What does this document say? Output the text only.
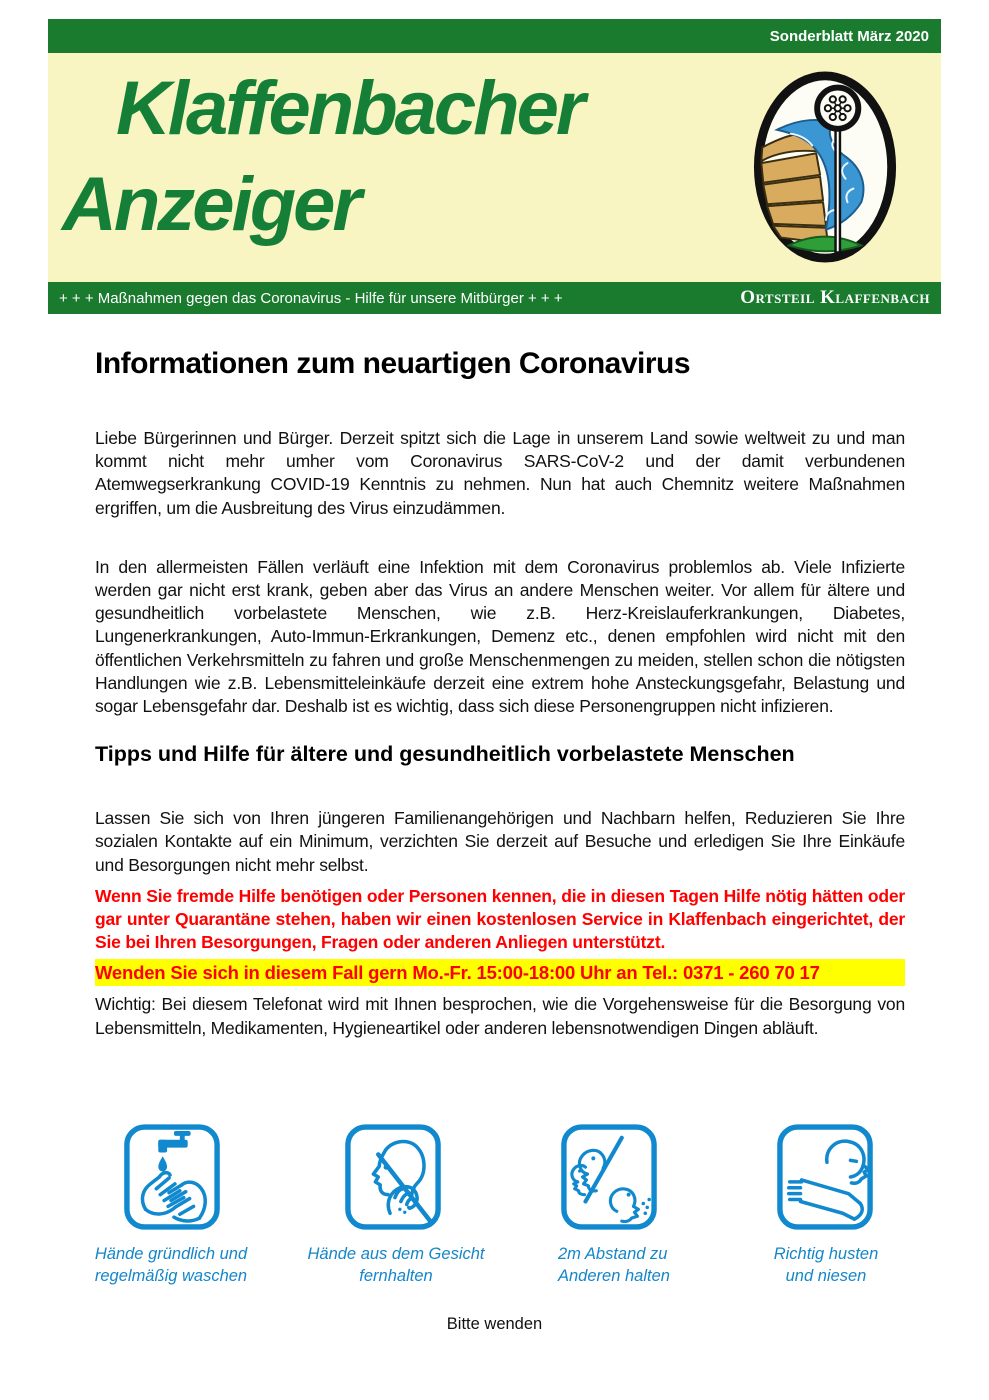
Sonderblatt März 2020
Klaffenbacher
Anzeiger
+ + + Maßnahmen gegen das Coronavirus - Hilfe für unsere Mitbürger + + +	Ortsteil Klaffenbach
Informationen zum neuartigen Coronavirus

Liebe Bürgerinnen und Bürger. Derzeit spitzt sich die Lage in unserem Land sowie weltweit zu und man kommt nicht mehr umher vom Coronavirus SARS-CoV-2 und der damit verbundenen Atemwegserkrankung COVID-19 Kenntnis zu nehmen. Nun hat auch Chemnitz weitere Maßnahmen ergriffen, um die Ausbreitung des Virus einzudämmen.

In den allermeisten Fällen verläuft eine Infektion mit dem Coronavirus problemlos ab. Viele Infizierte werden gar nicht erst krank, geben aber das Virus an andere Menschen weiter. Vor allem für ältere und gesundheitlich vorbelastete Menschen, wie z.B. Herz-Kreislauferkrankungen, Diabetes, Lungenerkrankungen, Auto-Immun-Erkrankungen, Demenz etc., denen empfohlen wird nicht mit den öffentlichen Verkehrsmitteln zu fahren und große Menschenmengen zu meiden, stellen schon die nötigsten Handlungen wie z.B. Lebensmitteleinkäufe derzeit eine extrem hohe Ansteckungsgefahr, Belastung und sogar Lebensgefahr dar. Deshalb ist es wichtig, dass sich diese Personengruppen nicht infizieren.

Tipps und Hilfe für ältere und gesundheitlich vorbelastete Menschen

Lassen Sie sich von Ihren jüngeren Familienangehörigen und Nachbarn helfen, Reduzieren Sie Ihre sozialen Kontakte auf ein Minimum, verzichten Sie derzeit auf Besuche und erledigen Sie Ihre Einkäufe und Besorgungen nicht mehr selbst.

Wenn Sie fremde Hilfe benötigen oder Personen kennen, die in diesen Tagen Hilfe nötig hätten oder gar unter Quarantäne stehen, haben wir einen kostenlosen Service in Klaffenbach eingerichtet, der Sie bei Ihren Besorgungen, Fragen oder anderen Anliegen unterstützt.

Wenden Sie sich in diesem Fall gern Mo.-Fr. 15:00-18:00 Uhr an Tel.: 0371 - 260 70 17

Wichtig: Bei diesem Telefonat wird mit Ihnen besprochen, wie die Vorgehensweise für die Besorgung von Lebensmitteln, Medikamenten, Hygieneartikel oder anderen lebensnotwendigen Dingen abläuft.

Hände gründlich und
regelmäßig waschen
Hände aus dem Gesicht
fernhalten
2m Abstand zu
Anderen halten
Richtig husten
und niesen
Bitte wenden
